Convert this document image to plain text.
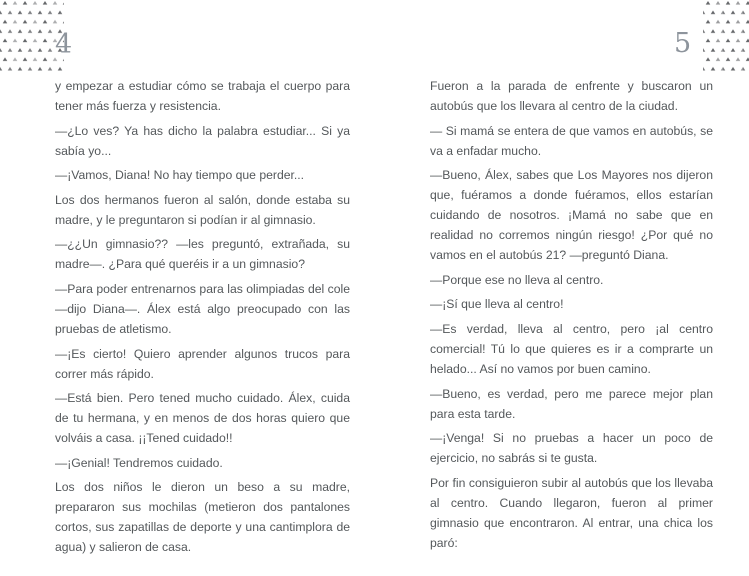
4

y empezar a estudiar cómo se trabaja el cuerpo para tener más fuerza y resistencia.

—¿Lo ves? Ya has dicho la palabra estudiar... Si ya sabía yo...

—¡Vamos, Diana! No hay tiempo que perder...

Los dos hermanos fueron al salón, donde estaba su madre, y le preguntaron si podían ir al gimnasio.

—¿¿Un gimnasio?? —les preguntó, extrañada, su madre—. ¿Para qué queréis ir a un gimnasio?

—Para poder entrenarnos para las olimpiadas del cole —dijo Diana—. Álex está algo preocupado con las pruebas de atletismo.

—¡Es cierto! Quiero aprender algunos trucos para correr más rápido.

—Está bien. Pero tened mucho cuidado. Álex, cuida de tu hermana, y en menos de dos horas quiero que volváis a casa. ¡¡Tened cuidado!!

—¡Genial! Tendremos cuidado.

Los dos niños le dieron un beso a su madre, prepararon sus mochilas (metieron dos pantalones cortos, sus zapatillas de deporte y una cantimplora de agua) y salieron de casa.

5

Fueron a la parada de enfrente y buscaron un autobús que los llevara al centro de la ciudad.

— Si mamá se entera de que vamos en autobús, se va a enfadar mucho.

—Bueno, Álex, sabes que Los Mayores nos dijeron que, fuéramos a donde fuéramos, ellos estarían cuidando de nosotros. ¡Mamá no sabe que en realidad no corremos ningún riesgo! ¿Por qué no vamos en el autobús 21? —preguntó Diana.

—Porque ese no lleva al centro.

—¡Sí que lleva al centro!

—Es verdad, lleva al centro, pero ¡al centro comercial! Tú lo que quieres es ir a comprarte un helado... Así no vamos por buen camino.

—Bueno, es verdad, pero me parece mejor plan para esta tarde.

—¡Venga! Si no pruebas a hacer un poco de ejercicio, no sabrás si te gusta.

Por fin consiguieron subir al autobús que los llevaba al centro. Cuando llegaron, fueron al primer gimnasio que encontraron. Al entrar, una chica los paró:
